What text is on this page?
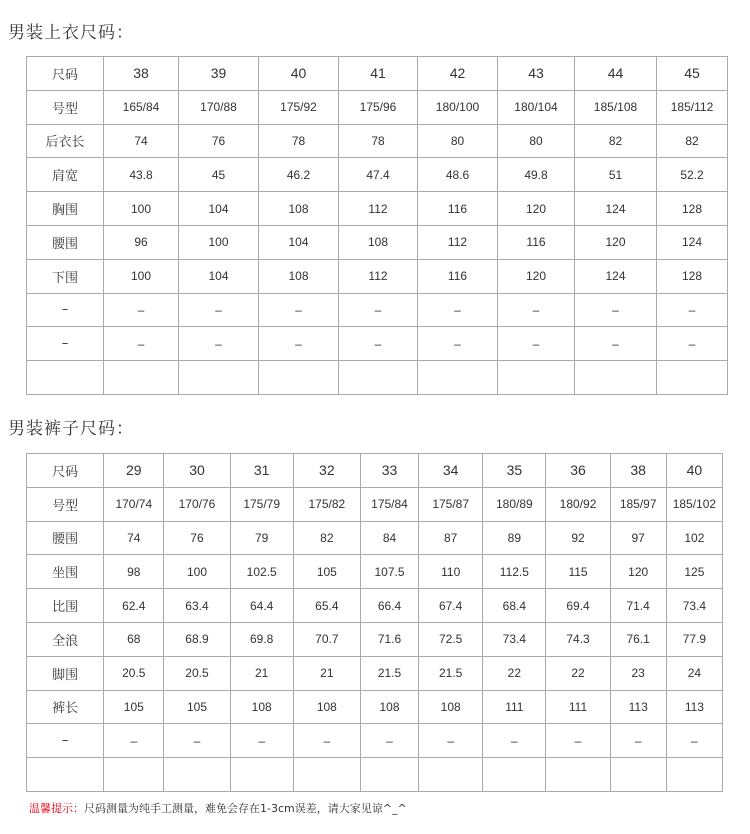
男装上衣尺码：
尺码	38	39	40	41	42	43	44	45
号型	165/84	170/88	175/92	175/96	180/100	180/104	185/108	185/112
后衣长	74	76	78	78	80	80	82	82
肩宽	43.8	45	46.2	47.4	48.6	49.8	51	52.2
胸围	100	104	108	112	116	120	124	128
腰围	96	100	104	108	112	116	120	124
下围	100	104	108	112	116	120	124	128
–	–	–	–	–	–	–	–	–
–	–	–	–	–	–	–	–	–

男装裤子尺码：
尺码	29	30	31	32	33	34	35	36	38	40
号型	170/74	170/76	175/79	175/82	175/84	175/87	180/89	180/92	185/97	185/102
腰围	74	76	79	82	84	87	89	92	97	102
坐围	98	100	102.5	105	107.5	110	112.5	115	120	125
比围	62.4	63.4	64.4	65.4	66.4	67.4	68.4	69.4	71.4	73.4
全浪	68	68.9	69.8	70.7	71.6	72.5	73.4	74.3	76.1	77.9
脚围	20.5	20.5	21	21	21.5	21.5	22	22	23	24
裤长	105	105	108	108	108	108	111	111	113	113
–	–	–	–	–	–	–	–	–	–	–

温馨提示：尺码测量为纯手工测量，难免会存在1-3cm误差，请大家见谅^_^
